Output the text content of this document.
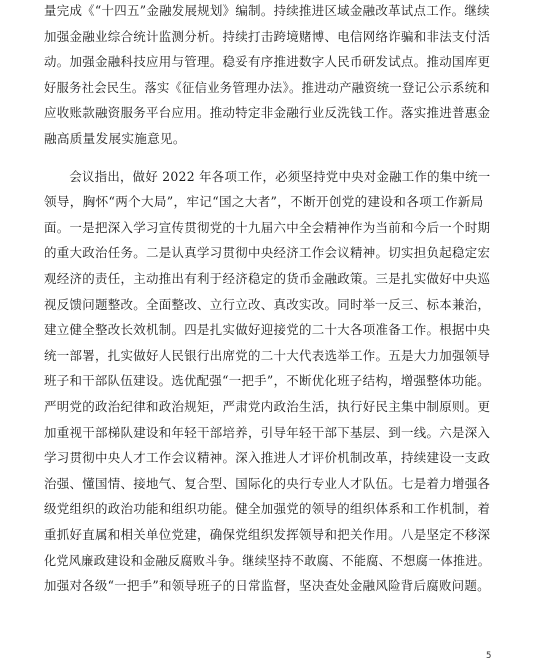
量完成《“十四五”金融发展规划》编制。持续推进区域金融改革试点工作。继续
加强金融业综合统计监测分析。持续打击跨境赌博、电信网络诈骗和非法支付活
动。加强金融科技应用与管理。稳妥有序推进数字人民币研发试点。推动国库更
好服务社会民生。落实《征信业务管理办法》。推进动产融资统一登记公示系统和
应收账款融资服务平台应用。推动特定非金融行业反洗钱工作。落实推进普惠金
融高质量发展实施意见。
　　会议指出，做好 2022 年各项工作，必须坚持党中央对金融工作的集中统一
领导，胸怀“两个大局”，牢记“国之大者”，不断开创党的建设和各项工作新局
面。一是把深入学习宣传贯彻党的十九届六中全会精神作为当前和今后一个时期
的重大政治任务。二是认真学习贯彻中央经济工作会议精神。切实担负起稳定宏
观经济的责任，主动推出有利于经济稳定的货币金融政策。三是扎实做好中央巡
视反馈问题整改。全面整改、立行立改、真改实改。同时举一反三、标本兼治，
建立健全整改长效机制。四是扎实做好迎接党的二十大各项准备工作。根据中央
统一部署，扎实做好人民银行出席党的二十大代表选举工作。五是大力加强领导
班子和干部队伍建设。选优配强“一把手”，不断优化班子结构，增强整体功能。
严明党的政治纪律和政治规矩，严肃党内政治生活，执行好民主集中制原则。更
加重视干部梯队建设和年轻干部培养，引导年轻干部下基层、到一线。六是深入
学习贯彻中央人才工作会议精神。深入推进人才评价机制改革，持续建设一支政
治强、懂国情、接地气、复合型、国际化的央行专业人才队伍。七是着力增强各
级党组织的政治功能和组织功能。健全加强党的领导的组织体系和工作机制，着
重抓好直属和相关单位党建，确保党组织发挥领导和把关作用。八是坚定不移深
化党风廉政建设和金融反腐败斗争。继续坚持不敢腐、不能腐、不想腐一体推进。
加强对各级“一把手”和领导班子的日常监督，坚决查处金融风险背后腐败问题。
5
